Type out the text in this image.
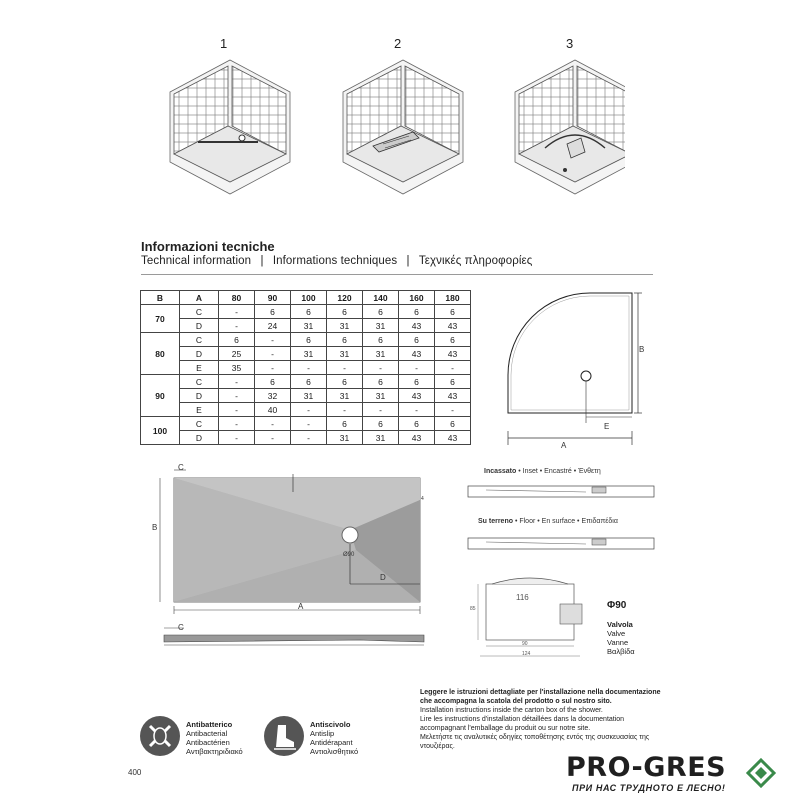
1	2	3
Informazioni tecniche
Technical information | Informations techniques | Τεχνικές πληροφορίες
B	A	80	90	100	120	140	160	180
70	C	-	6	6	6	6	6	6
	D	-	24	31	31	31	43	43
80	C	6	-	6	6	6	6	6
	D	25	-	31	31	31	43	43
	E	35	-	-	-	-	-	-
90	C	-	6	6	6	6	6	6
	D	-	32	31	31	31	43	43
	E	-	40	-	-	-	-	-
100	C	-	-	-	6	6	6	6
	D	-	-	-	31	31	43	43
B
A
E
C
B
A
D
Ø90
4
C
Incassato • Inset • Encastré • Ένθετη
Su terreno • Floor • En surface • Επιδαπέδια
116
85
90
124
Φ90
Valvola
Valve
Vanne
Βαλβίδα
Leggere le istruzioni dettagliate per l'installazione nella documentazione che accompagna la scatola del prodotto o sul nostro sito.
Installation instructions inside the carton box of the shower.
Lire les instructions d'installation détaillées dans la documentation accompagnant l'emballage du produit ou sur notre site.
Μελετήστε τις αναλυτικές οδηγίες τοποθέτησης εντός της συσκευασίας της ντουζιέρας.
Antibatterico
Antibacterial
Antibactérien
Αντιβακτηριδιακό
Antiscivolo
Antislip
Antidérapant
Αντιολισθητικό
400	PRO-GRES
ПРИ НАС ТРУДНОТО Е ЛЕСНО!
